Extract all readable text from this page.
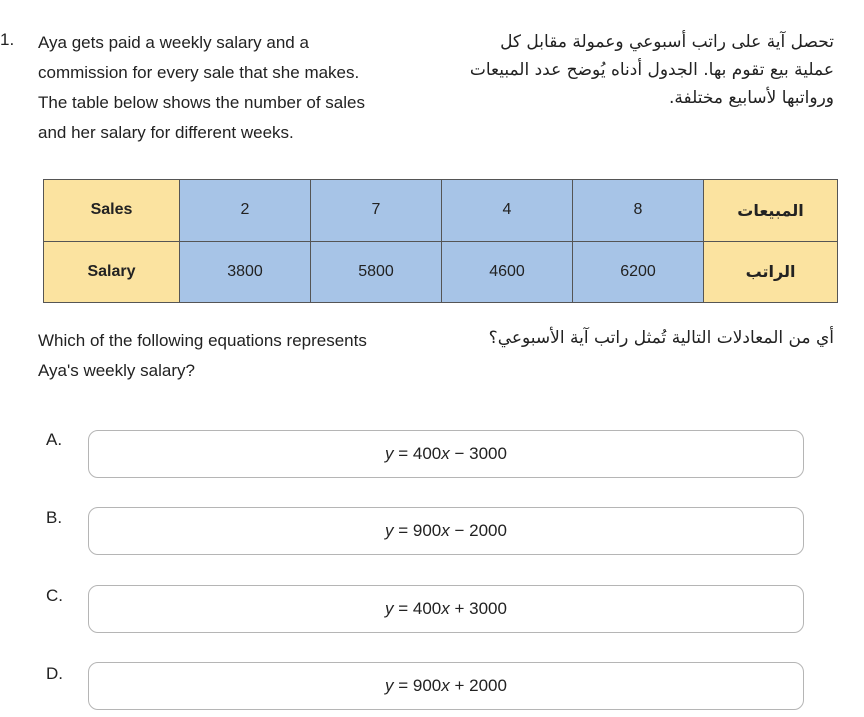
1. Aya gets paid a weekly salary and a
commission for every sale that she makes.
The table below shows the number of sales
and her salary for different weeks.

تحصل آية على راتب أسبوعي وعمولة مقابل كل
عملية بيع تقوم بها. الجدول أدناه يُوضح عدد المبيعات
ورواتبها لأسابيع مختلفة.

Sales	2	7	4	8	المبيعات
Salary	3800	5800	4600	6200	الراتب

Which of the following equations represents
Aya's weekly salary?

أي من المعادلات التالية تُمثل راتب آية الأسبوعي؟
A.
y = 400x − 3000
B.
y = 900x − 2000
C.
y = 400x + 3000
D.
y = 900x + 2000
